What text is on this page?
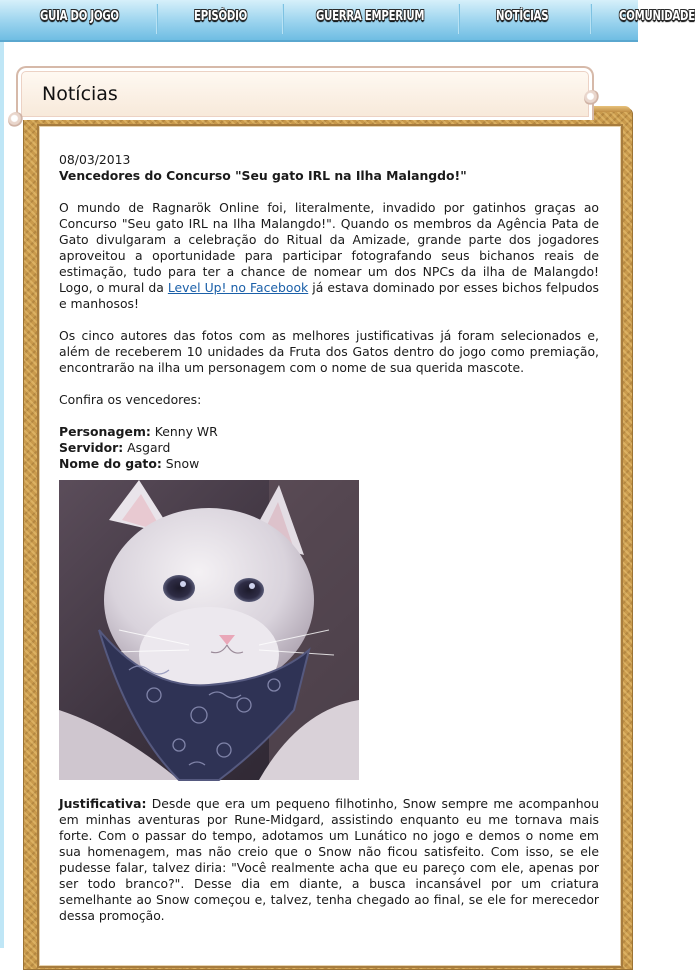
GUIA DO JOGO	EPISÓDIO	GUERRA EMPERIUM	NOTÍCIAS	COMUNIDADE
Notícias

08/03/2013

Vencedores do Concurso "Seu gato IRL na Ilha Malangdo!"

O mundo de Ragnarök Online foi, literalmente, invadido por gatinhos graças ao Concurso "Seu gato IRL na Ilha Malangdo!". Quando os membros da Agência Pata de Gato divulgaram a celebração do Ritual da Amizade, grande parte dos jogadores aproveitou a oportunidade para participar fotografando seus bichanos reais de estimação, tudo para ter a chance de nomear um dos NPCs da ilha de Malangdo! Logo, o mural da Level Up! no Facebook já estava dominado por esses bichos felpudos e manhosos!

Os cinco autores das fotos com as melhores justificativas já foram selecionados e, além de receberem 10 unidades da Fruta dos Gatos dentro do jogo como premiação, encontrarão na ilha um personagem com o nome de sua querida mascote.

Confira os vencedores:

Personagem: Kenny WR

Servidor: Asgard

Nome do gato: Snow

Justificativa: Desde que era um pequeno filhotinho, Snow sempre me acompanhou em minhas aventuras por Rune-Midgard, assistindo enquanto eu me tornava mais forte. Com o passar do tempo, adotamos um Lunático no jogo e demos o nome em sua homenagem, mas não creio que o Snow não ficou satisfeito. Com isso, se ele pudesse falar, talvez diria: "Você realmente acha que eu pareço com ele, apenas por ser todo branco?". Desse dia em diante, a busca incansável por um criatura semelhante ao Snow começou e, talvez, tenha chegado ao final, se ele for merecedor dessa promoção.
